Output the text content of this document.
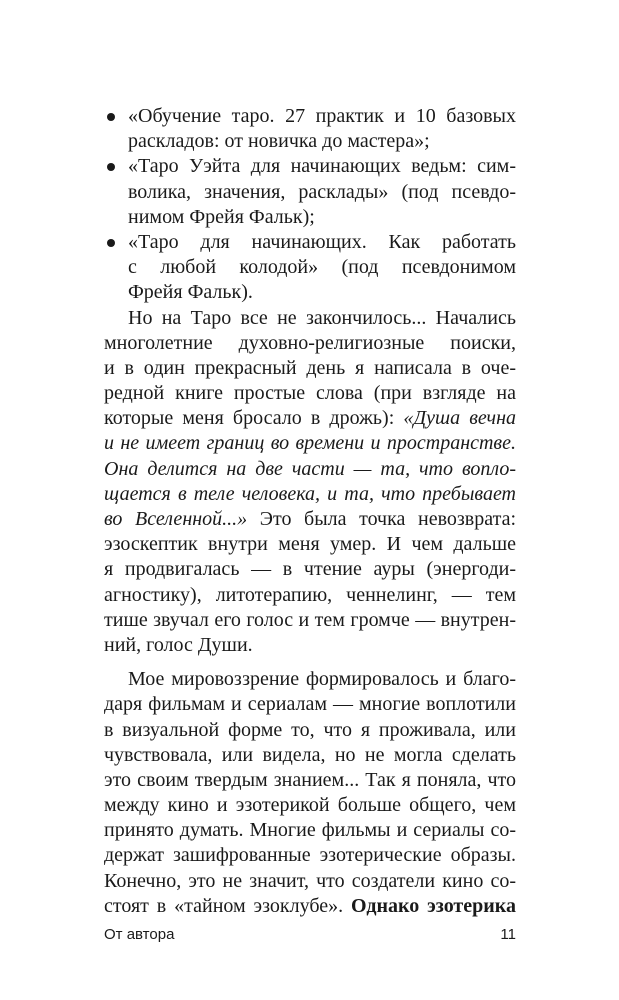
«Обучение таро. 27 практик и 10 базовых
раскладов: от новичка до мастера»;
«Таро Уэйта для начинающих ведьм: сим-
волика, значения, расклады» (под псевдо-
нимом Фрейя Фальк);
«Таро для начинающих. Как работать
с любой колодой» (под псевдонимом
Фрейя Фальк).
Но на Таро все не закончилось... Начались
многолетние духовно-религиозные поиски,
и в один прекрасный день я написала в оче-
редной книге простые слова (при взгляде на
которые меня бросало в дрожь): «Душа вечна
и не имеет границ во времени и пространстве.
Она делится на две части — та, что вопло-
щается в теле человека, и та, что пребывает
во Вселенной...» Это была точка невозврата:
эзоскептик внутри меня умер. И чем дальше
я продвигалась — в чтение ауры (энергоди-
агностику), литотерапию, ченнелинг, — тем
тише звучал его голос и тем громче — внутрен-
ний, голос Души.
Мое мировоззрение формировалось и благо-
даря фильмам и сериалам — многие воплотили
в визуальной форме то, что я проживала, или
чувствовала, или видела, но не могла сделать
это своим твердым знанием... Так я поняла, что
между кино и эзотерикой больше общего, чем
принято думать. Многие фильмы и сериалы со-
держат зашифрованные эзотерические образы.
Конечно, это не значит, что создатели кино со-
стоят в «тайном эзоклубе». Однако эзотерика
От автора	11
